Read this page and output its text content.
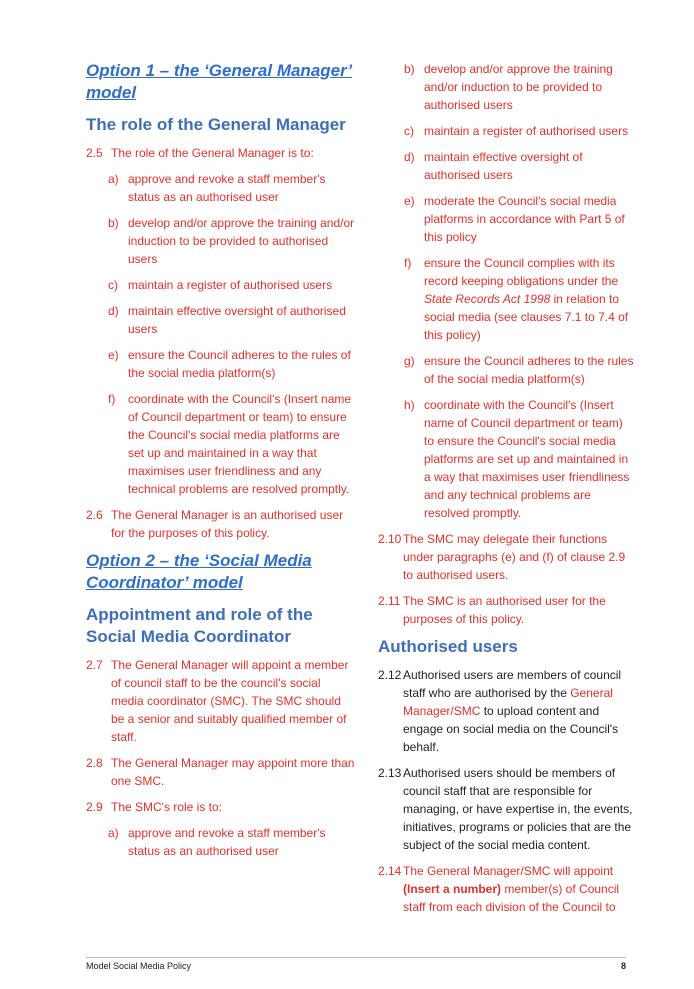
Option 1 – the ‘General Manager’ model
The role of the General Manager
2.5 The role of the General Manager is to:
a) approve and revoke a staff member's status as an authorised user
b) develop and/or approve the training and/or induction to be provided to authorised users
c) maintain a register of authorised users
d) maintain effective oversight of authorised users
e) ensure the Council adheres to the rules of the social media platform(s)
f)	coordinate with the Council's (Insert name of Council department or team) to ensure the Council's social media platforms are set up and maintained in a way that maximises user friendliness and any technical problems are resolved promptly.
2.6 The General Manager is an authorised user for the purposes of this policy.
Option 2 – the ‘Social Media Coordinator’ model
Appointment and role of the Social Media Coordinator
2.7 The General Manager will appoint a member of council staff to be the council's social media coordinator (SMC). The SMC should be a senior and suitably qualified member of staff.
2.8 The General Manager may appoint more than one SMC.
2.9 The SMC's role is to:
a) approve and revoke a staff member's status as an authorised user
b) develop and/or approve the training and/or induction to be provided to authorised users
c) maintain a register of authorised users
d) maintain effective oversight of authorised users
e) moderate the Council's social media platforms in accordance with Part 5 of this policy
f)	ensure the Council complies with its record keeping obligations under the State Records Act 1998 in relation to social media (see clauses 7.1 to 7.4 of this policy)
g) ensure the Council adheres to the rules of the social media platform(s)
h) coordinate with the Council's (Insert name of Council department or team) to ensure the Council's social media platforms are set up and maintained in a way that maximises user friendliness and any technical problems are resolved promptly.
2.10 The SMC may delegate their functions under paragraphs (e) and (f) of clause 2.9 to authorised users.
2.11 The SMC is an authorised user for the purposes of this policy.
Authorised users
2.12 Authorised users are members of council staff who are authorised by the General Manager/SMC to upload content and engage on social media on the Council's behalf.
2.13 Authorised users should be members of council staff that are responsible for managing, or have expertise in, the events, initiatives, programs or policies that are the subject of the social media content.
2.14 The General Manager/SMC will appoint (Insert a number) member(s) of Council staff from each division of the Council to
Model Social Media Policy	8
